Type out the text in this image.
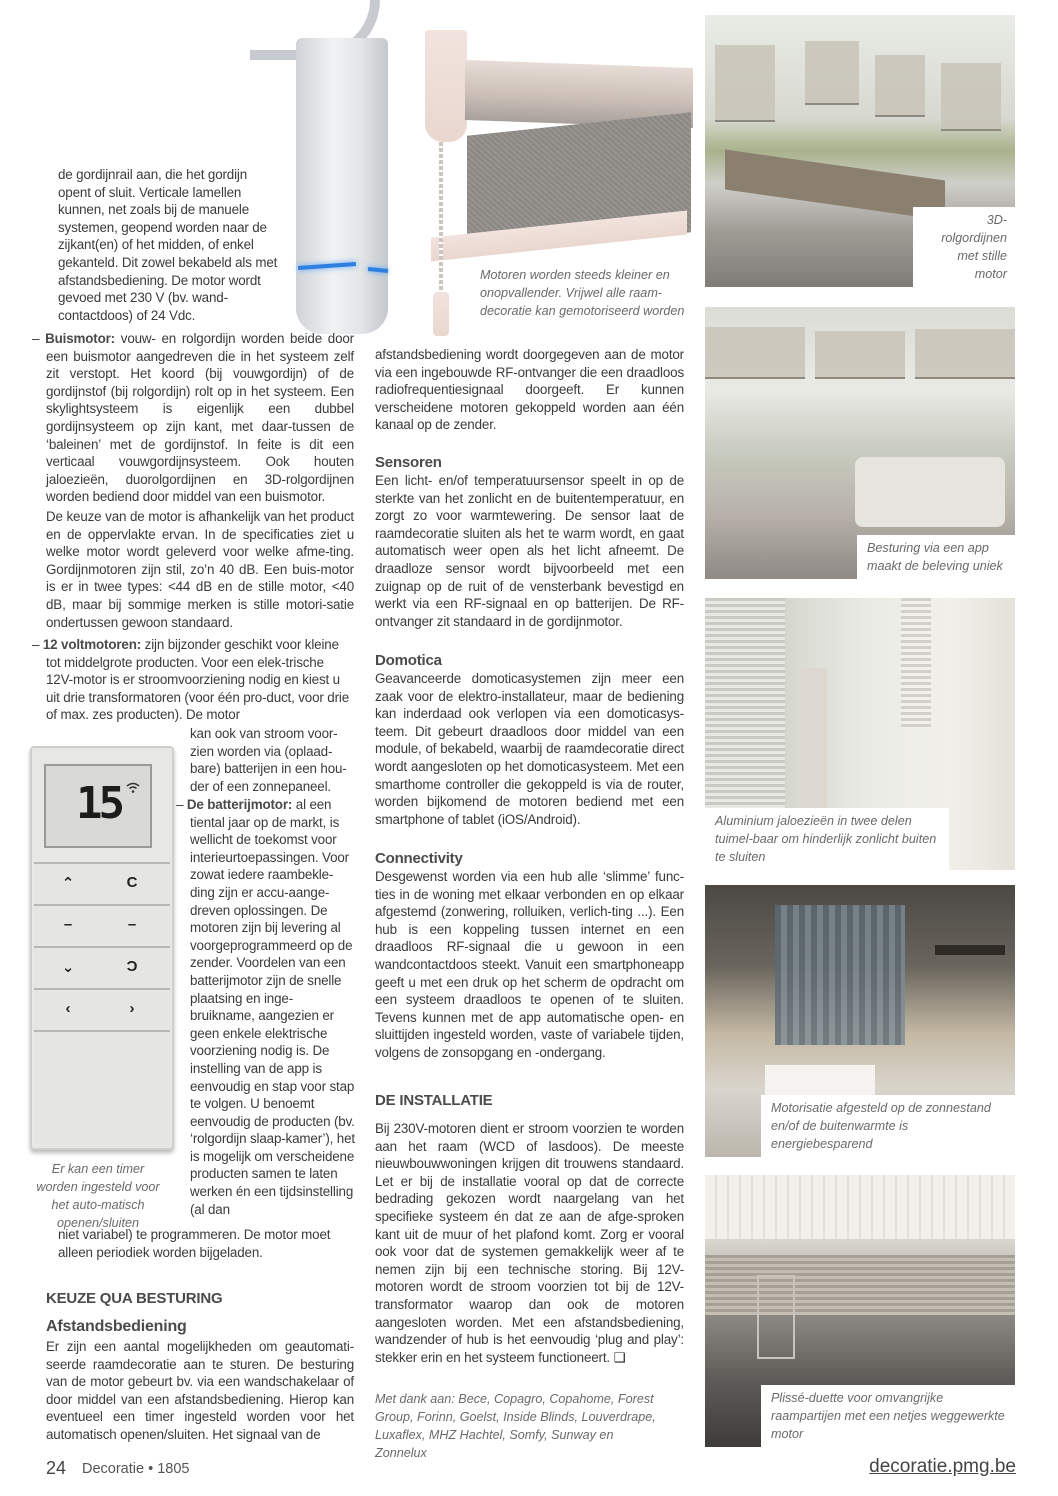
Motoren worden steeds kleiner en onopvallender. Vrijwel alle raam-decoratie kan gemotoriseerd worden

de gordijnrail aan, die het gordijn opent of sluit. Verticale lamellen kunnen, net zoals bij de manuele systemen, geopend worden naar de zijkant(en) of het midden, of enkel gekanteld. Dit zowel bekabeld als met afstandsbediening. De motor wordt gevoed met 230 V (bv. wand-contactdoos) of 24 Vdc.

– Buismotor: vouw- en rolgordijn worden beide door een buismotor aangedreven die in het systeem zelf zit verstopt. Het koord (bij vouwgordijn) of de gordijnstof (bij rolgordijn) rolt op in het systeem. Een skylightsysteem is eigenlijk een dubbel gordijnsysteem op zijn kant, met daar-tussen de ‘baleinen’ met de gordijnstof. In feite is dit een verticaal vouwgordijnsysteem. Ook houten jaloezieën, duorolgordijnen en 3D-rolgordijnen worden bediend door middel van een buismotor.

De keuze van de motor is afhankelijk van het product en de oppervlakte ervan. In de specificaties ziet u welke motor wordt geleverd voor welke afme-ting. Gordijnmotoren zijn stil, zo’n 40 dB. Een buis-motor is er in twee types: <44 dB en de stille motor, <40 dB, maar bij sommige merken is stille motori-satie ondertussen gewoon standaard.

– 12 voltmotoren: zijn bijzonder geschikt voor kleine tot middelgrote producten. Voor een elek-trische 12V-motor is er stroomvoorziening nodig en kiest u uit drie transformatoren (voor één pro-duct, voor drie of max. zes producten). De motor

kan ook van stroom voor-zien worden via (oplaad-bare) batterijen in een hou-der of een zonnepaneel.

– De batterijmotor: al een tiental jaar op de markt, is wellicht de toekomst voor interieurtoepassingen. Voor zowat iedere raambekle-ding zijn er accu-aange-dreven oplossingen. De motoren zijn bij levering al voorgeprogrammeerd op de zender. Voordelen van een batterijmotor zijn de snelle plaatsing en inge-bruikname, aangezien er geen enkele elektrische voorziening nodig is. De instelling van de app is eenvoudig en stap voor stap te volgen. U benoemt eenvoudig de producten (bv. ‘rolgordijn slaap-kamer’), het is mogelijk om verscheidene producten samen te laten werken én een tijdsinstelling (al dan

niet variabel) te programmeren. De motor moet alleen periodiek worden bijgeladen.
15
⌃	C
–	–
⌄	Ͻ
‹	›
Er kan een timer worden ingesteld voor het auto-matisch openen/sluiten
KEUZE QUA BESTURING
Afstandsbediening
Er zijn een aantal mogelijkheden om geautomati-seerde raamdecoratie aan te sturen. De besturing van de motor gebeurt bv. via een wandschakelaar of door middel van een afstandsbediening. Hierop kan eventueel een timer ingesteld worden voor het automatisch openen/sluiten. Het signaal van de
afstandsbediening wordt doorgegeven aan de motor via een ingebouwde RF-ontvanger die een draadloos radiofrequentiesignaal doorgeeft. Er kunnen verscheidene motoren gekoppeld worden aan één kanaal op de zender.
Sensoren
Een licht- en/of temperatuursensor speelt in op de sterkte van het zonlicht en de buitentemperatuur, en zorgt zo voor warmtewering. De sensor laat de raamdecoratie sluiten als het te warm wordt, en gaat automatisch weer open als het licht afneemt. De draadloze sensor wordt bijvoorbeeld met een zuignap op de ruit of de vensterbank bevestigd en werkt via een RF-signaal en op batterijen. De RF-ontvanger zit standaard in de gordijnmotor.
Domotica
Geavanceerde domoticasystemen zijn meer een zaak voor de elektro-installateur, maar de bediening kan inderdaad ook verlopen via een domoticasys-teem. Dit gebeurt draadloos door middel van een module, of bekabeld, waarbij de raamdecoratie direct wordt aangesloten op het domoticasysteem. Met een smarthome controller die gekoppeld is via de router, worden bijkomend de motoren bediend met een smartphone of tablet (iOS/Android).
Connectivity
Desgewenst worden via een hub alle ‘slimme’ func-ties in de woning met elkaar verbonden en op elkaar afgestemd (zonwering, rolluiken, verlich-ting ...). Een hub is een koppeling tussen internet en een draadloos RF-signaal die u gewoon in een wandcontactdoos steekt. Vanuit een smartphoneapp geeft u met een druk op het scherm de opdracht om een systeem draadloos te openen of te sluiten. Tevens kunnen met de app automatische open- en sluittijden ingesteld worden, vaste of variabele tijden, volgens de zonsopgang en -ondergang.
DE INSTALLATIE
Bij 230V-motoren dient er stroom voorzien te worden aan het raam (WCD of lasdoos). De meeste nieuwbouwwoningen krijgen dit trouwens standaard. Let er bij de installatie vooral op dat de correcte bedrading gekozen wordt naargelang van het specifieke systeem én dat ze aan de afge-sproken kant uit de muur of het plafond komt. Zorg er vooral ook voor dat de systemen gemakkelijk weer af te nemen zijn bij een technische storing. Bij 12V-motoren wordt de stroom voorzien tot bij de 12V-transformator waarop dan ook de motoren aangesloten worden. Met een afstandsbediening, wandzender of hub is het eenvoudig ‘plug and play’: stekker erin en het systeem functioneert. ❑
Met dank aan: Bece, Copagro, Copahome, Forest Group, Forinn, Goelst, Inside Blinds, Louverdrape, Luxaflex, MHZ Hachtel, Somfy, Sunway en Zonnelux
3D-rolgordijnen met stille motor
Besturing via een app maakt de beleving uniek
Aluminium jaloezieën in twee delen tuimel-baar om hinderlijk zonlicht buiten te sluiten
Motorisatie afgesteld op de zonnestand en/of de buitenwarmte is energiebesparend
Plissé-duette voor omvangrijke raampartijen met een netjes weggewerkte motor
24 Decoratie • 1805	decoratie.pmg.be
